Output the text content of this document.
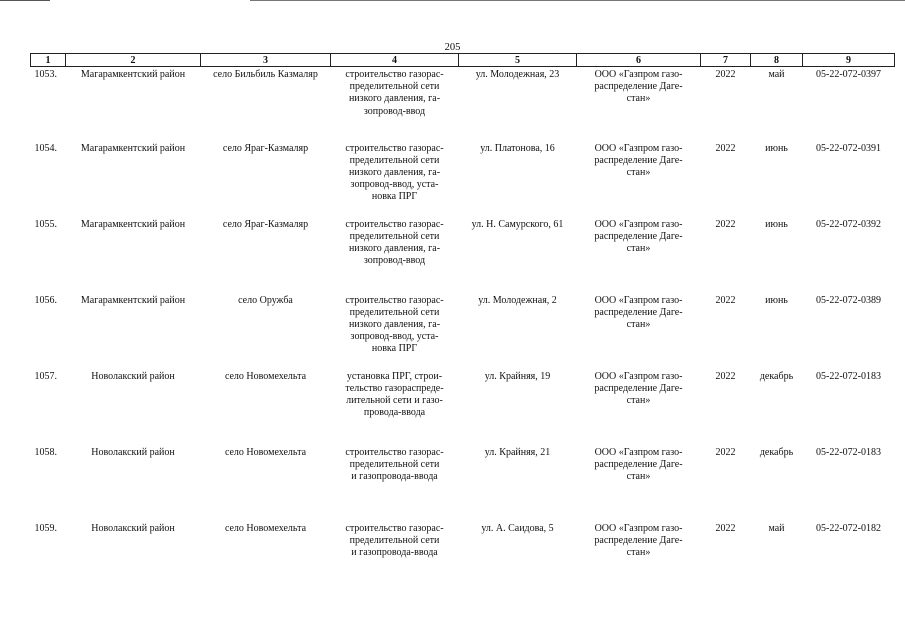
205
1	2	3	4	5	6	7	8	9
1053.	Магарамкентский район	село Бильбиль Казмаляр	строительство газорас-
пределительной сети
низкого давления, га-
зопровод-ввод	ул. Молодежная, 23	ООО «Газпром газо-
распределение Даге-
стан»	2022	май	05-22-072-0397
1054.	Магарамкентский район	село Яраг-Казмаляр	строительство газорас-
пределительной сети
низкого давления, га-
зопровод-ввод, уста-
новка ПРГ	ул. Платонова, 16	ООО «Газпром газо-
распределение Даге-
стан»	2022	июнь	05-22-072-0391
1055.	Магарамкентский район	село Яраг-Казмаляр	строительство газорас-
пределительной сети
низкого давления, га-
зопровод-ввод	ул. Н. Самурского, 61	ООО «Газпром газо-
распределение Даге-
стан»	2022	июнь	05-22-072-0392
1056.	Магарамкентский район	село Оружба	строительство газорас-
пределительной сети
низкого давления, га-
зопровод-ввод, уста-
новка ПРГ	ул. Молодежная, 2	ООО «Газпром газо-
распределение Даге-
стан»	2022	июнь	05-22-072-0389
1057.	Новолакский район	село Новомехельта	установка ПРГ, строи-
тельство газораспреде-
лительной сети и газо-
провода-ввода	ул. Крайняя, 19	ООО «Газпром газо-
распределение Даге-
стан»	2022	декабрь	05-22-072-0183
1058.	Новолакский район	село Новомехельта	строительство газорас-
пределительной сети
и газопровода-ввода	ул. Крайняя, 21	ООО «Газпром газо-
распределение Даге-
стан»	2022	декабрь	05-22-072-0183
1059.	Новолакский район	село Новомехельта	строительство газорас-
пределительной сети
и газопровода-ввода	ул. А. Саидова, 5	ООО «Газпром газо-
распределение Даге-
стан»	2022	май	05-22-072-0182
